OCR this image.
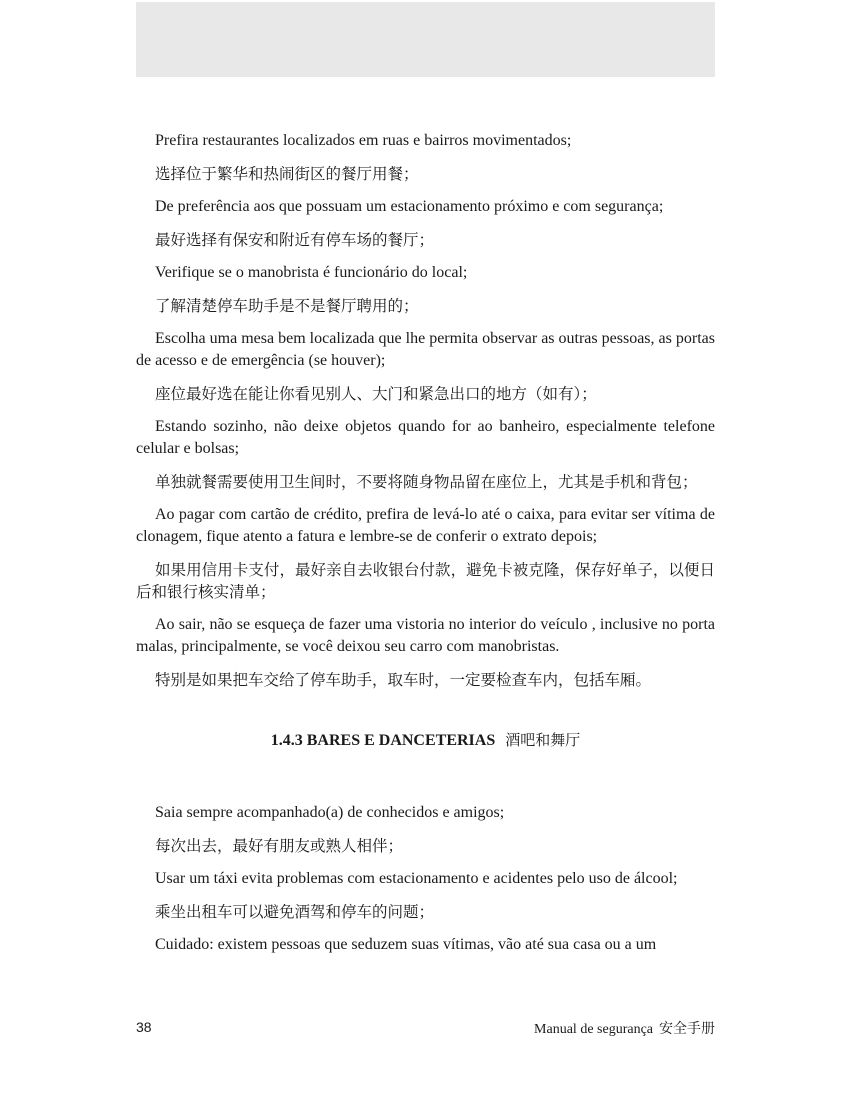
Prefira restaurantes localizados em ruas e bairros movimentados;

选择位于繁华和热闹街区的餐厅用餐；

De preferência aos que possuam um estacionamento próximo e com segurança;

最好选择有保安和附近有停车场的餐厅；

Verifique se o manobrista é funcionário do local;

了解清楚停车助手是不是餐厅聘用的；

Escolha uma mesa bem localizada que lhe permita observar as outras pessoas, as portas de acesso e de emergência (se houver);

座位最好选在能让你看见别人、大门和紧急出口的地方（如有）；

Estando sozinho, não deixe objetos quando for ao banheiro, especialmente telefone celular e bolsas;

单独就餐需要使用卫生间时，不要将随身物品留在座位上，尤其是手机和背包；

Ao pagar com cartão de crédito, prefira de levá-lo até o caixa, para evitar ser vítima de clonagem, fique atento a fatura e lembre-se de conferir o extrato depois;

如果用信用卡支付，最好亲自去收银台付款，避免卡被克隆，保存好单子，以便日后和银行核实清单；

Ao sair, não se esqueça de fazer uma vistoria no interior do veículo , inclusive no porta malas, principalmente, se você deixou seu carro com manobristas.

特别是如果把车交给了停车助手，取车时，一定要检查车内，包括车厢。

1.4.3 BARES E DANCETERIAS 酒吧和舞厅

Saia sempre acompanhado(a) de conhecidos e amigos;

每次出去，最好有朋友或熟人相伴；

Usar um táxi evita problemas com estacionamento e acidentes pelo uso de álcool;

乘坐出租车可以避免酒驾和停车的问题；

Cuidado: existem pessoas que seduzem suas vítimas, vão até sua casa ou a um

38	Manual de segurança 安全手册
